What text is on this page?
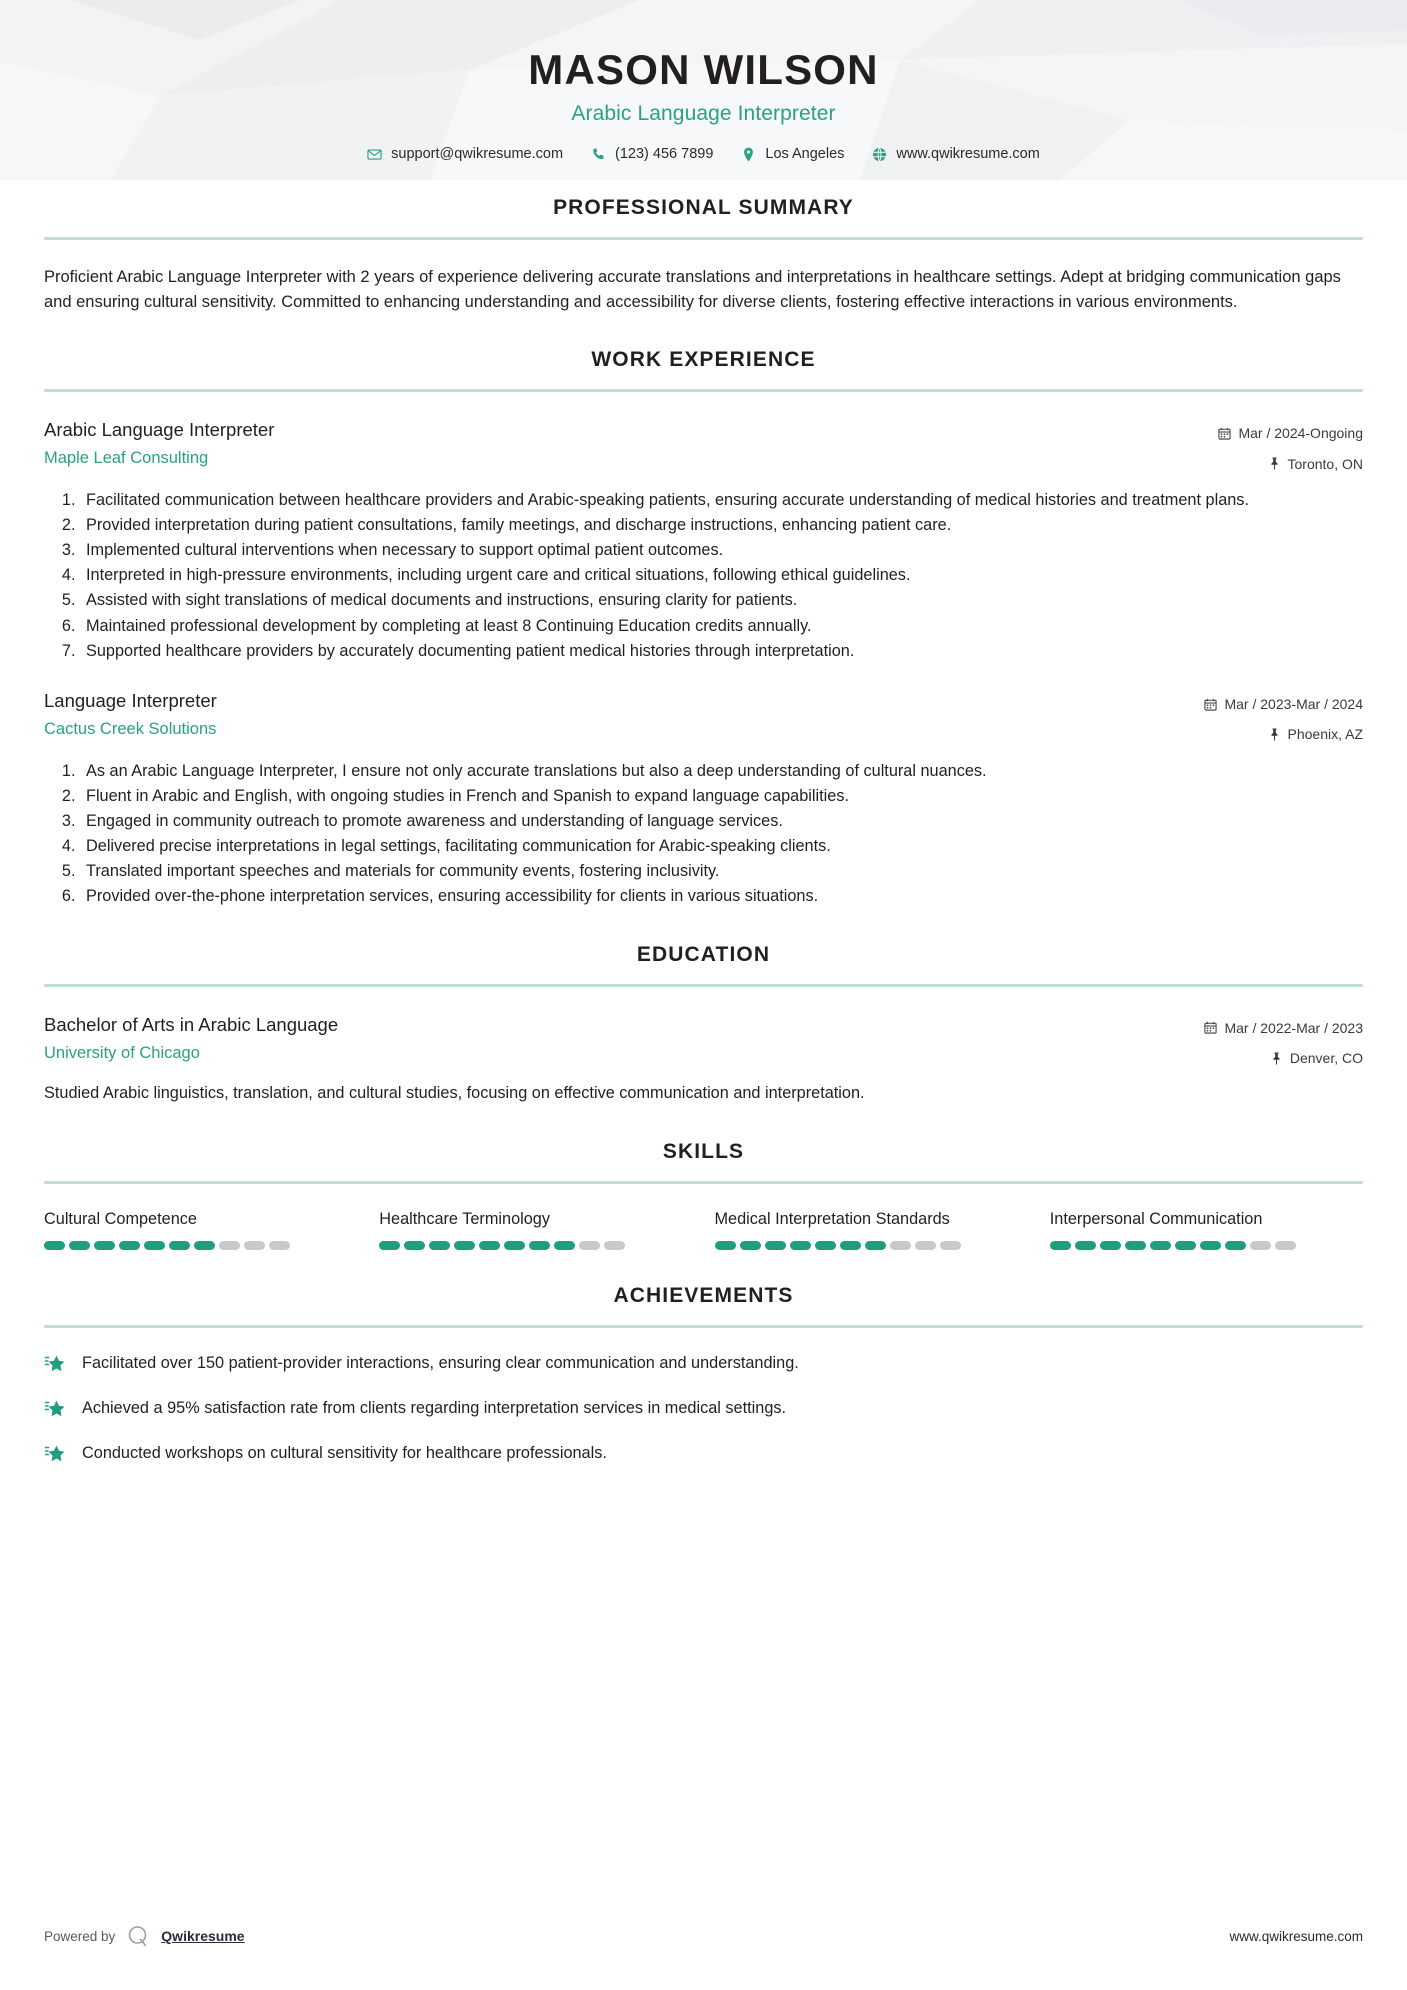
MASON WILSON
Arabic Language Interpreter
support@qwikresume.com	(123) 456 7899	Los Angeles	www.qwikresume.com
PROFESSIONAL SUMMARY
Proficient Arabic Language Interpreter with 2 years of experience delivering accurate translations and interpretations in healthcare settings. Adept at bridging communication gaps and ensuring cultural sensitivity. Committed to enhancing understanding and accessibility for diverse clients, fostering effective interactions in various environments.
WORK EXPERIENCE
Arabic Language Interpreter
Maple Leaf Consulting
Mar / 2024-Ongoing
Toronto, ON
1. Facilitated communication between healthcare providers and Arabic-speaking patients, ensuring accurate understanding of medical histories and treatment plans.
2. Provided interpretation during patient consultations, family meetings, and discharge instructions, enhancing patient care.
3. Implemented cultural interventions when necessary to support optimal patient outcomes.
4. Interpreted in high-pressure environments, including urgent care and critical situations, following ethical guidelines.
5. Assisted with sight translations of medical documents and instructions, ensuring clarity for patients.
6. Maintained professional development by completing at least 8 Continuing Education credits annually.
7. Supported healthcare providers by accurately documenting patient medical histories through interpretation.
Language Interpreter
Cactus Creek Solutions
Mar / 2023-Mar / 2024
Phoenix, AZ
1. As an Arabic Language Interpreter, I ensure not only accurate translations but also a deep understanding of cultural nuances.
2. Fluent in Arabic and English, with ongoing studies in French and Spanish to expand language capabilities.
3. Engaged in community outreach to promote awareness and understanding of language services.
4. Delivered precise interpretations in legal settings, facilitating communication for Arabic-speaking clients.
5. Translated important speeches and materials for community events, fostering inclusivity.
6. Provided over-the-phone interpretation services, ensuring accessibility for clients in various situations.
EDUCATION
Bachelor of Arts in Arabic Language
University of Chicago
Mar / 2022-Mar / 2023
Denver, CO
Studied Arabic linguistics, translation, and cultural studies, focusing on effective communication and interpretation.
SKILLS
Cultural Competence	Healthcare Terminology	Medical Interpretation Standards	Interpersonal Communication
ACHIEVEMENTS
Facilitated over 150 patient-provider interactions, ensuring clear communication and understanding.
Achieved a 95% satisfaction rate from clients regarding interpretation services in medical settings.
Conducted workshops on cultural sensitivity for healthcare professionals.
Powered by	Qwikresume	www.qwikresume.com
